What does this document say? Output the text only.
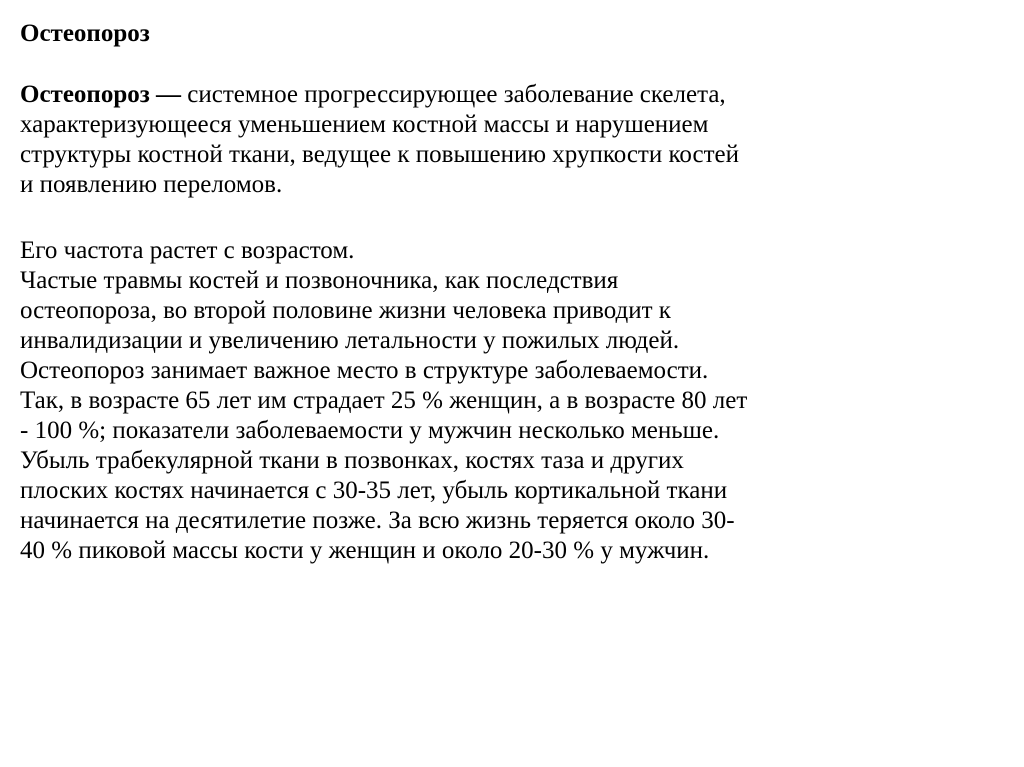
Остеопороз
Остеопороз — системное прогрессирующее заболевание скелета,
характеризующееся уменьшением костной массы и нарушением
структуры костной ткани, ведущее к повышению хрупкости костей
и появлению переломов.
Его частота растет с возрастом.
Частые травмы костей и позвоночника, как последствия
остеопороза, во второй половине жизни человека приводит к
инвалидизации и увеличению летальности у пожилых людей.
Остеопороз занимает важное место в структуре заболеваемости.
Так, в возрасте 65 лет им страдает 25 % женщин, а в возрасте 80 лет
- 100 %; показатели заболеваемости у мужчин несколько меньше.
Убыль трабекулярной ткани в позвонках, костях таза и других
плоских костях начинается с 30-35 лет, убыль кортикальной ткани
начинается на десятилетие позже. За всю жизнь теряется около 30-
40 % пиковой массы кости у женщин и около 20-30 % у мужчин.
